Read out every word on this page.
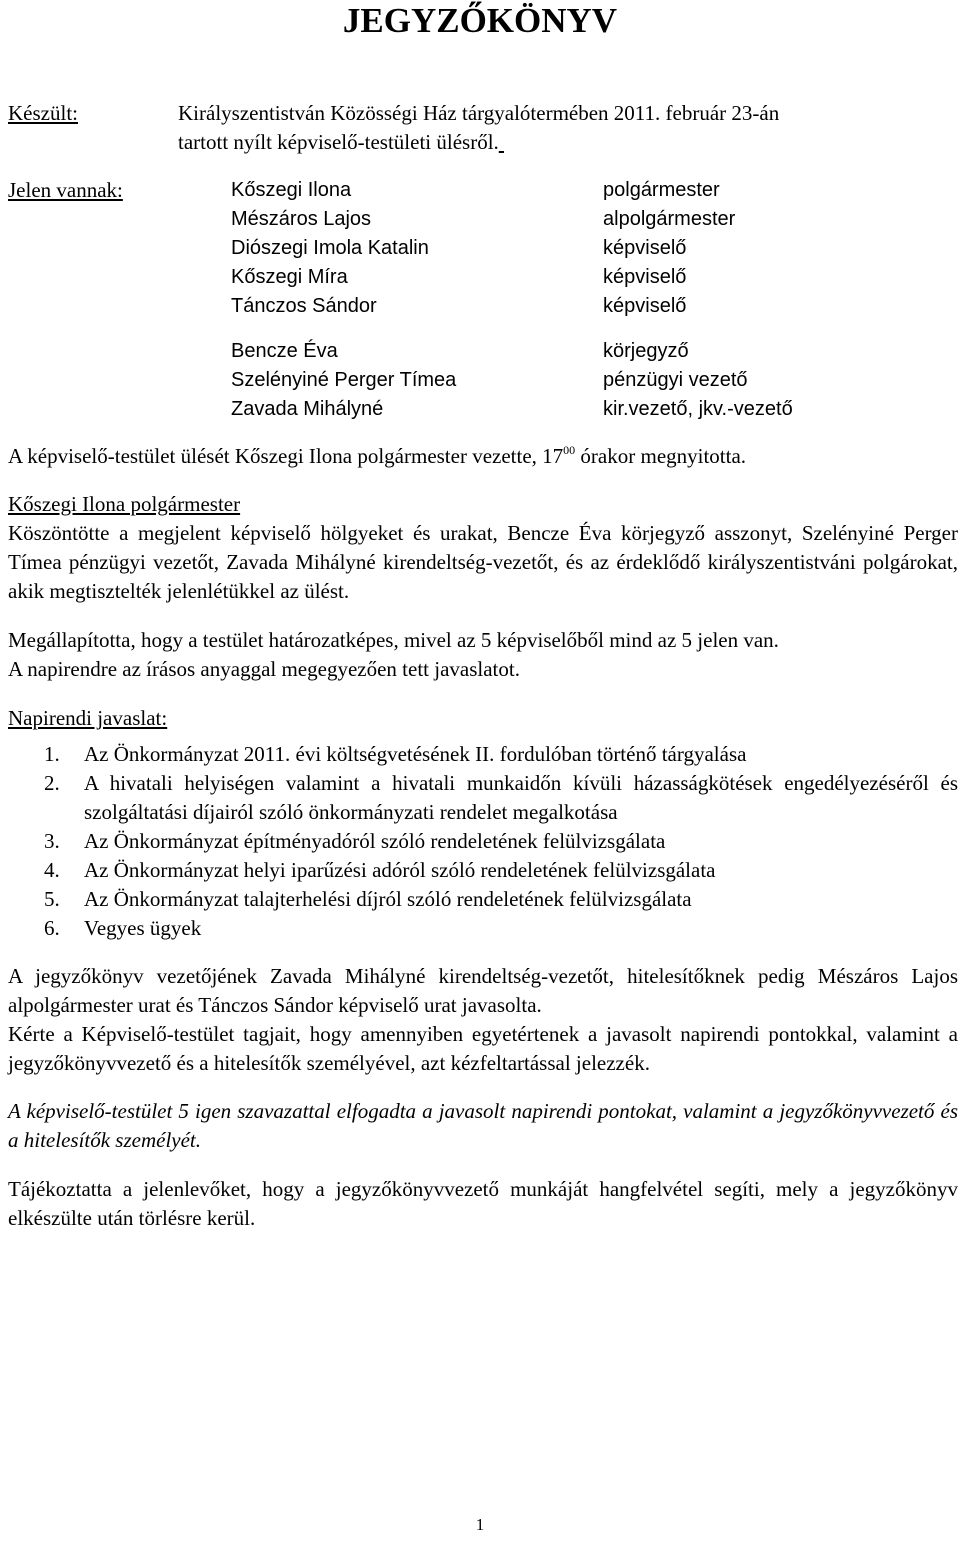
JEGYZŐKÖNYV
Készült:	Királyszentistván Közösségi Ház tárgyalótermében 2011. február 23-án
tartott nyílt képviselő-testületi ülésről.
Jelen vannak:	Kőszegi Ilona	polgármester
Mészáros Lajos	alpolgármester
Diószegi Imola Katalin	képviselő
Kőszegi Míra	képviselő
Tánczos Sándor	képviselő
Bencze Éva	körjegyző
Szelényiné Perger Tímea	pénzügyi vezető
Zavada Mihályné	kir.vezető, jkv.-vezető
A képviselő-testület ülését Kőszegi Ilona polgármester vezette, $17^{00}$ órakor megnyitotta.
Kőszegi Ilona polgármester
Köszöntötte a megjelent képviselő hölgyeket és urakat, Bencze Éva körjegyző asszonyt, Szelényiné Perger Tímea pénzügyi vezetőt, Zavada Mihályné kirendeltség-vezetőt, és az érdeklődő királyszentistváni polgárokat, akik megtisztelték jelenlétükkel az ülést.
Megállapította, hogy a testület határozatképes, mivel az 5 képviselőből mind az 5 jelen van.
A napirendre az írásos anyaggal megegyezően tett javaslatot.
Napirendi javaslat:
1. Az Önkormányzat 2011. évi költségvetésének II. fordulóban történő tárgyalása
2. A hivatali helyiségen valamint a hivatali munkaidőn kívüli házasságkötések engedélyezéséről és szolgáltatási díjairól szóló önkormányzati rendelet megalkotása
3. Az Önkormányzat építményadóról szóló rendeletének felülvizsgálata
4. Az Önkormányzat helyi iparűzési adóról szóló rendeletének felülvizsgálata
5. Az Önkormányzat talajterhelési díjról szóló rendeletének felülvizsgálata
6. Vegyes ügyek
A jegyzőkönyv vezetőjének Zavada Mihályné kirendeltség-vezetőt, hitelesítőknek pedig Mészáros Lajos alpolgármester urat és Tánczos Sándor képviselő urat javasolta.
Kérte a Képviselő-testület tagjait, hogy amennyiben egyetértenek a javasolt napirendi pontokkal, valamint a jegyzőkönyvvezető és a hitelesítők személyével, azt kézfeltartással jelezzék.
A képviselő-testület 5 igen szavazattal elfogadta a javasolt napirendi pontokat, valamint a jegyzőkönyvvezető és a hitelesítők személyét.
Tájékoztatta a jelenlevőket, hogy a jegyzőkönyvvezető munkáját hangfelvétel segíti, mely a jegyzőkönyv elkészülte után törlésre kerül.
1
